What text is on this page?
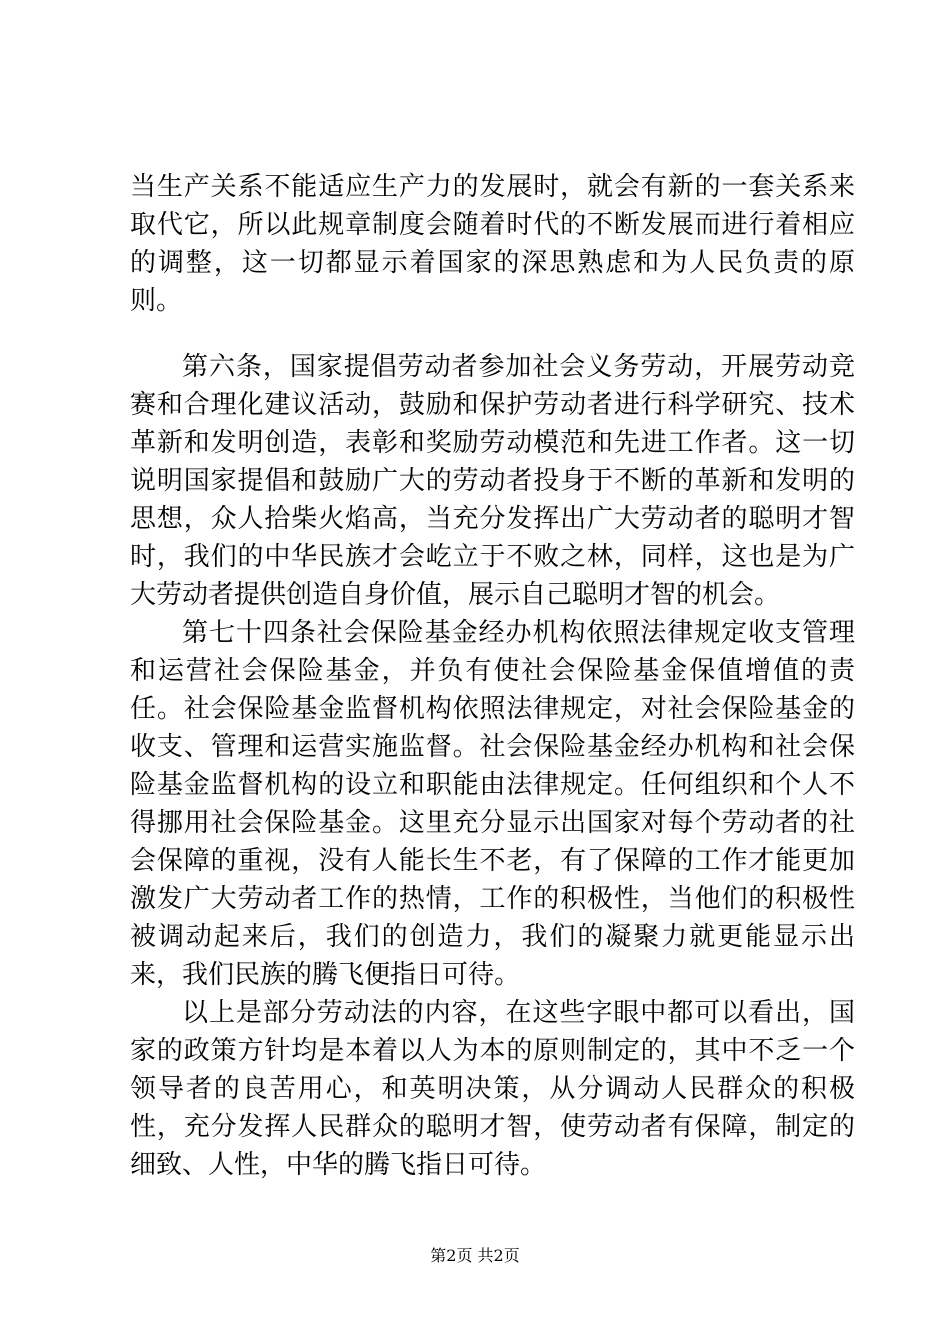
当生产关系不能适应生产力的发展时，就会有新的一套关系来取代它，所以此规章制度会随着时代的不断发展而进行着相应的调整，这一切都显示着国家的深思熟虑和为人民负责的原则。

第六条，国家提倡劳动者参加社会义务劳动，开展劳动竞赛和合理化建议活动，鼓励和保护劳动者进行科学研究、技术革新和发明创造，表彰和奖励劳动模范和先进工作者。这一切说明国家提倡和鼓励广大的劳动者投身于不断的革新和发明的思想，众人拾柴火焰高，当充分发挥出广大劳动者的聪明才智时，我们的中华民族才会屹立于不败之林，同样，这也是为广大劳动者提供创造自身价值，展示自己聪明才智的机会。

第七十四条社会保险基金经办机构依照法律规定收支管理和运营社会保险基金，并负有使社会保险基金保值增值的责任。社会保险基金监督机构依照法律规定，对社会保险基金的收支、管理和运营实施监督。社会保险基金经办机构和社会保险基金监督机构的设立和职能由法律规定。任何组织和个人不得挪用社会保险基金。这里充分显示出国家对每个劳动者的社会保障的重视，没有人能长生不老，有了保障的工作才能更加激发广大劳动者工作的热情，工作的积极性，当他们的积极性被调动起来后，我们的创造力，我们的凝聚力就更能显示出来，我们民族的腾飞便指日可待。

以上是部分劳动法的内容，在这些字眼中都可以看出，国家的政策方针均是本着以人为本的原则制定的，其中不乏一个领导者的良苦用心，和英明决策，从分调动人民群众的积极性，充分发挥人民群众的聪明才智，使劳动者有保障，制定的细致、人性，中华的腾飞指日可待。

第2页 共2页
